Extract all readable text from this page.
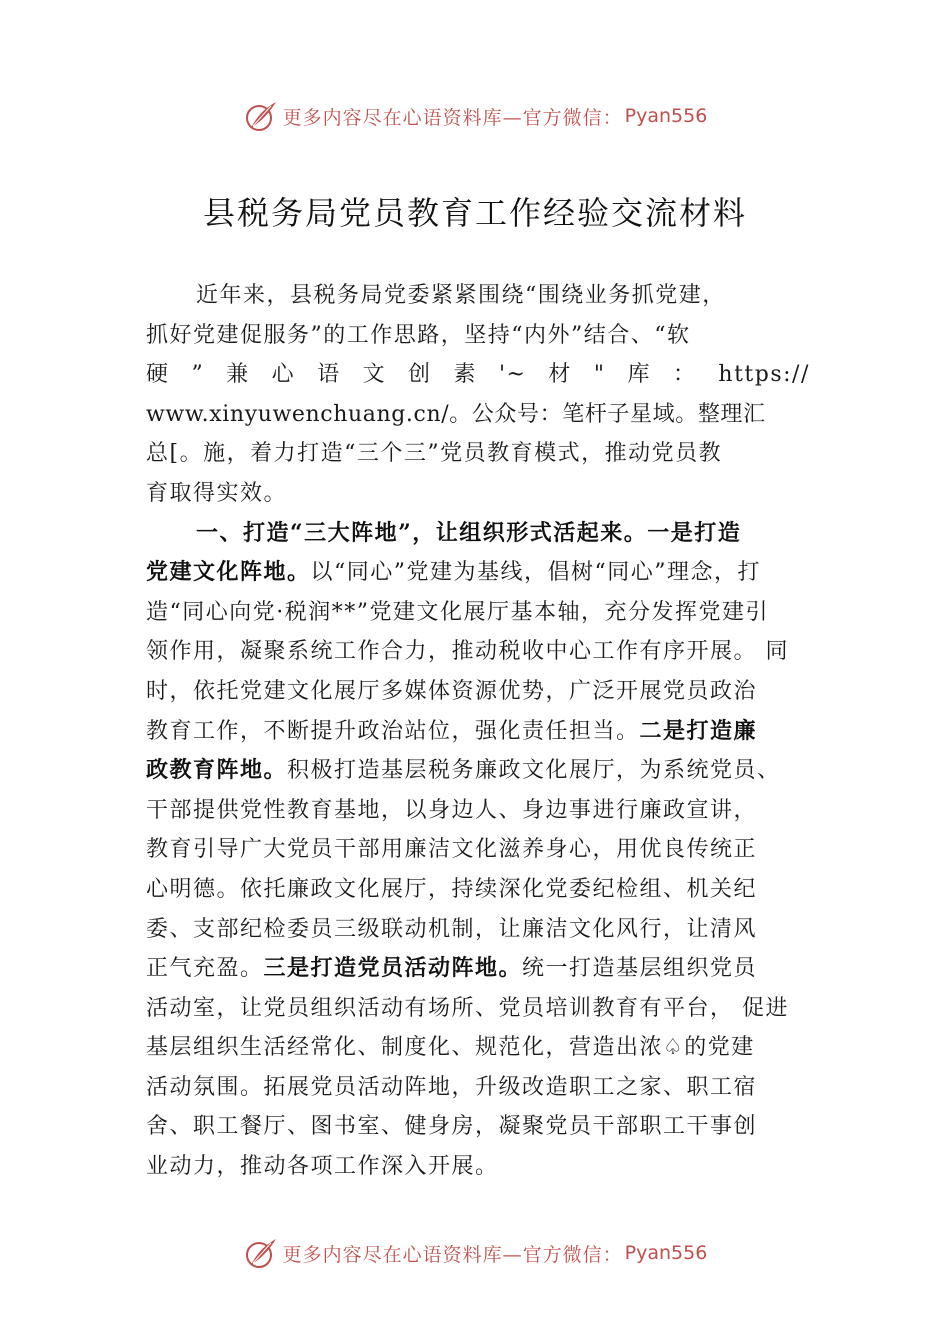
更多内容尽在心语资料库—官方微信： Pyan556
县税务局党员教育工作经验交流材料
近年来，县税务局党委紧紧围绕“围绕业务抓党建，
抓好党建促服务”的工作思路，坚持“内外”结合、“软
硬 ” 兼 心 语 文 创 素 '~ 材 " 库 ： https://
www.xinyuwenchuang.cn/。公众号：笔杆子星域。整理汇
总[。施，着力打造“三个三”党员教育模式，推动党员教
育取得实效。
一、打造“三大阵地”，让组织形式活起来。一是打造
党建文化阵地。以“同心”党建为基线，倡树“同心”理念，打
造“同心向党·税润**”党建文化展厅基本轴，充分发挥党建引
领作用，凝聚系统工作合力，推动税收中心工作有序开展。 同
时，依托党建文化展厅多媒体资源优势，广泛开展党员政治
教育工作，不断提升政治站位，强化责任担当。二是打造廉
政教育阵地。积极打造基层税务廉政文化展厅，为系统党员、
干部提供党性教育基地，以身边人、身边事进行廉政宣讲，
教育引导广大党员干部用廉洁文化滋养身心，用优良传统正
心明德。依托廉政文化展厅，持续深化党委纪检组、机关纪
委、支部纪检委员三级联动机制，让廉洁文化风行，让清风
正气充盈。三是打造党员活动阵地。统一打造基层组织党员
活动室，让党员组织活动有场所、党员培训教育有平台， 促进
基层组织生活经常化、制度化、规范化，营造出浓♤的党建
活动氛围。拓展党员活动阵地，升级改造职工之家、职工宿
舍、职工餐厅、图书室、健身房，凝聚党员干部职工干事创
业动力，推动各项工作深入开展。
更多内容尽在心语资料库—官方微信： Pyan556
